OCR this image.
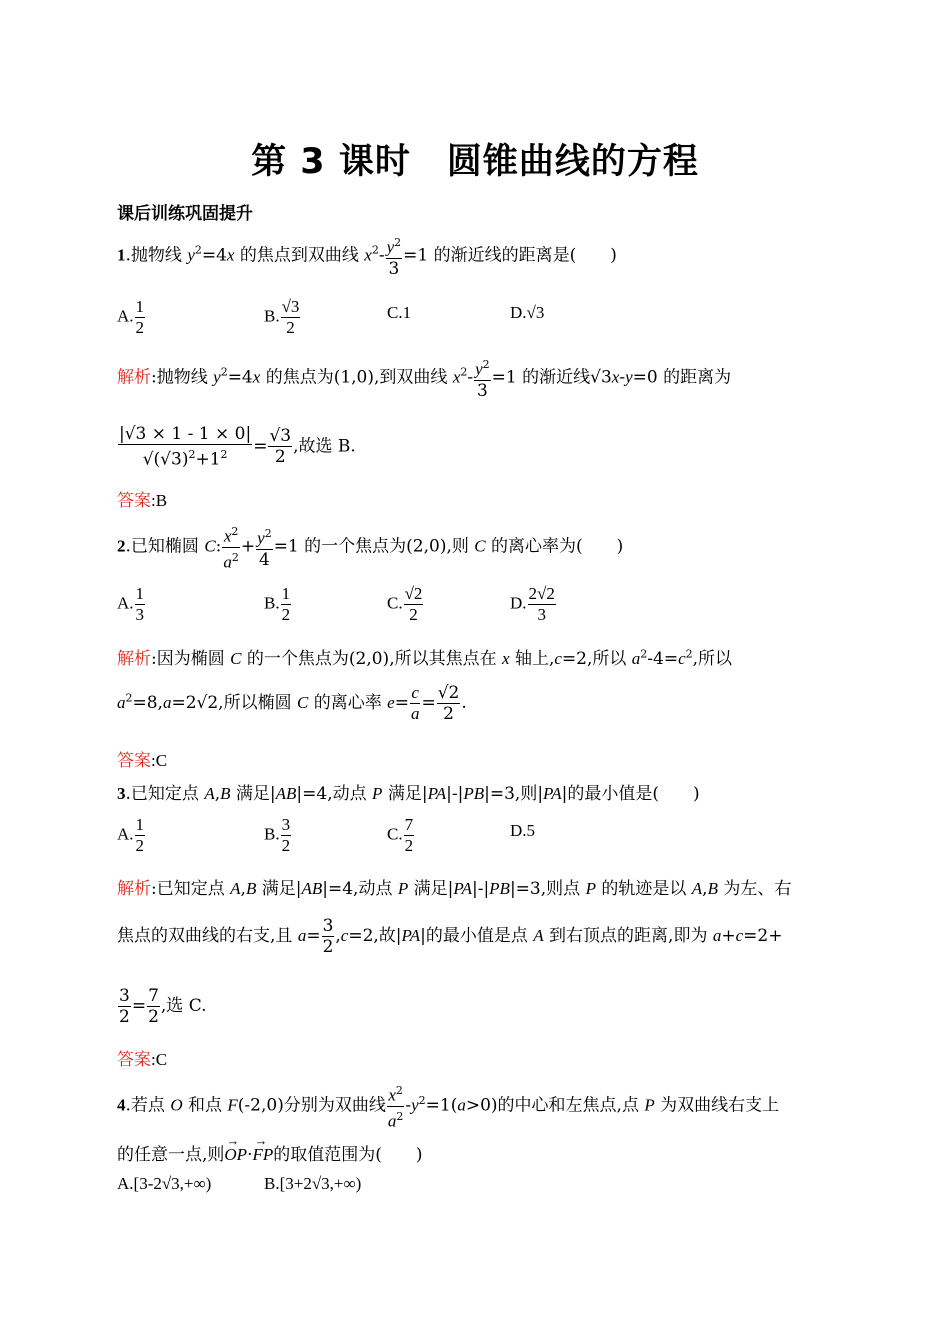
第 3 课时　圆锥曲线的方程
课后训练巩固提升
1.抛物线 $y^2=4x$ 的焦点到双曲线 $x^2- \frac{y^2}{3} =1$ 的渐近线的距离是(　　)
A. $\frac{1}{2}$	B. $\frac{√3}{2}$	C.1	D.√3
解析:抛物线 $y^2=4x$ 的焦点为(1,0),到双曲线 $x^2- \frac{y^2}{3} =1$ 的渐近线√3x-y=0 的距离为
$\frac{|√3 \times 1 - 1 \times 0|}{√(√3)^2+1^2} = \frac{√3}{2}$ ,故选 B.
答案:B
2.已知椭圆 C: $\frac{x^2}{a^2} + \frac{y^2}{4} =1$ 的一个焦点为(2,0),则 C 的离心率为(　　)
A. $\frac{1}{3}$	B. $\frac{1}{2}$	C. $\frac{√2}{2}$	D. $\frac{2√2}{3}$
解析:因为椭圆 C 的一个焦点为(2,0),所以其焦点在 x 轴上,c=2,所以 $a^2-4=c^2$,所以
$a^2=8,a=2√2$,所以椭圆 C 的离心率 $e= \frac{c}{a} = \frac{√2}{2}$ .
答案:C
3.已知定点 A,B 满足|AB|=4,动点 P 满足|PA|-|PB|=3,则|PA|的最小值是(　　)
A. $\frac{1}{2}$	B. $\frac{3}{2}$	C. $\frac{7}{2}$	D.5
解析:已知定点 A,B 满足|AB|=4,动点 P 满足|PA|-|PB|=3,则点 P 的轨迹是以 A,B 为左、右
焦点的双曲线的右支,且 $a= \frac{3}{2} ,c=2$,故|PA|的最小值是点 A 到右顶点的距离,即为 a+c=2+
$\frac{3}{2} = \frac{7}{2}$ ,选 C.
答案:C
4.若点 O 和点 F(-2,0)分别为双曲线 $\frac{x^2}{a^2} -y^2=1(a>0)$的中心和左焦点,点 P 为双曲线右支上
的任意一点,则→ OP·→ FP的取值范围为(　　)
A.[3-2√3,+∞)	B.[3+2√3,+∞)
